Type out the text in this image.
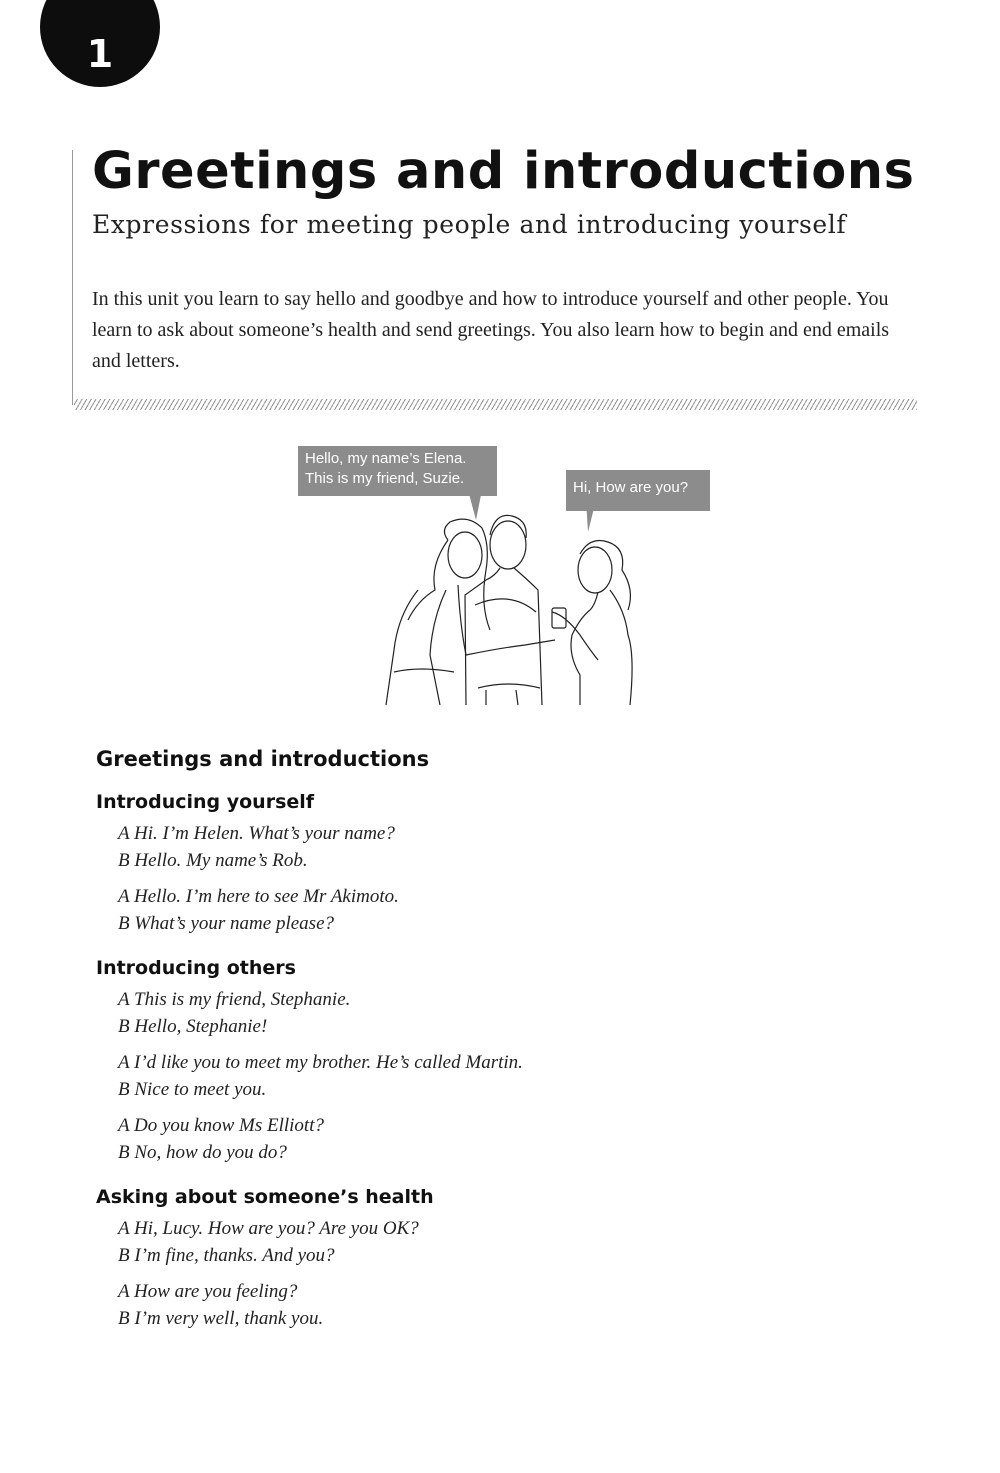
1
Greetings and introductions

Expressions for meeting people and introducing yourself

In this unit you learn to say hello and goodbye and how to introduce yourself and other people. You learn to ask about someone’s health and send greetings. You also learn how to begin and end emails and letters.

Hello, my name’s Elena.
This is my friend, Suzie.
Hi, How are you?
Greetings and introductions
Introducing yourself
A Hi. I’m Helen. What’s your name?
B Hello. My name’s Rob.
A Hello. I’m here to see Mr Akimoto.
B What’s your name please?
Introducing others
A This is my friend, Stephanie.
B Hello, Stephanie!
A I’d like you to meet my brother. He’s called Martin.
B Nice to meet you.
A Do you know Ms Elliott?
B No, how do you do?
Asking about someone’s health
A Hi, Lucy. How are you? Are you OK?
B I’m fine, thanks. And you?
A How are you feeling?
B I’m very well, thank you.
